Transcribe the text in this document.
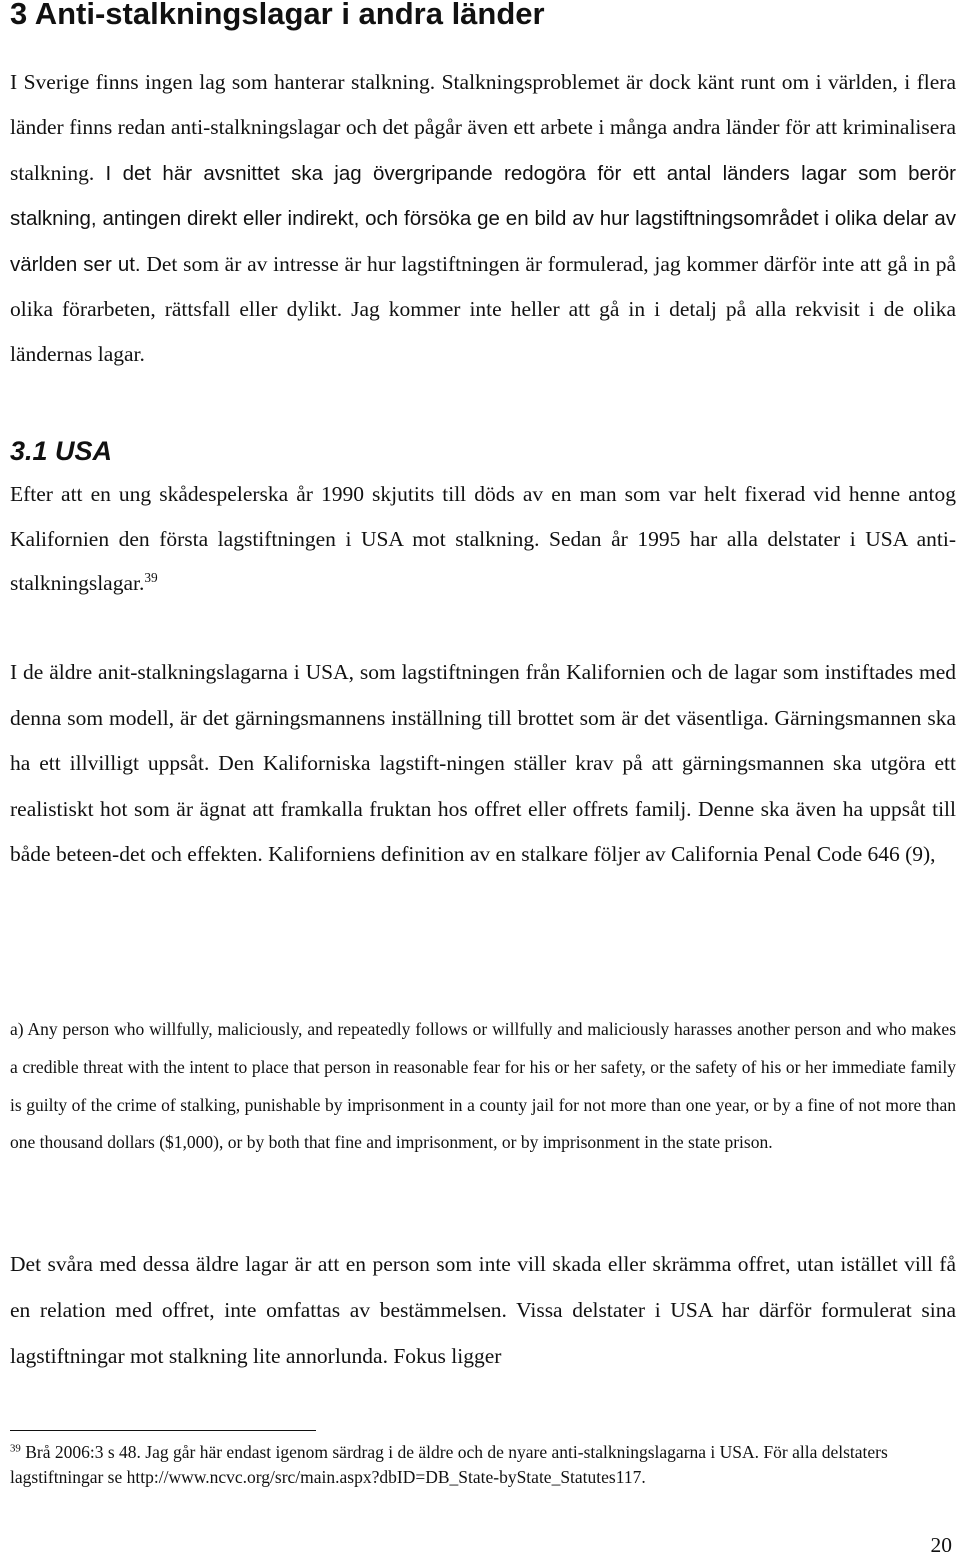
3 Anti-stalkningslagar i andra länder
I Sverige finns ingen lag som hanterar stalkning. Stalkningsproblemet är dock känt runt om i världen, i flera länder finns redan anti-stalkningslagar och det pågår även ett arbete i många andra länder för att kriminalisera stalkning. I det här avsnittet ska jag övergripande redogöra för ett antal länders lagar som berör stalkning, antingen direkt eller indirekt, och försöka ge en bild av hur lagstiftningsområdet i olika delar av världen ser ut. Det som är av intresse är hur lagstiftningen är formulerad, jag kommer därför inte att gå in på olika förarbeten, rättsfall eller dylikt. Jag kommer inte heller att gå in i detalj på alla rekvisit i de olika ländernas lagar.
3.1 USA
Efter att en ung skådespelerska år 1990 skjutits till döds av en man som var helt fixerad vid henne antog Kalifornien den första lagstiftningen i USA mot stalkning. Sedan år 1995 har alla delstater i USA anti-stalkningslagar.$^{39}$
I de äldre anit-stalkningslagarna i USA, som lagstiftningen från Kalifornien och de lagar som instiftades med denna som modell, är det gärningsmannens inställning till brottet som är det väsentliga. Gärningsmannen ska ha ett illvilligt uppsåt. Den Kaliforniska lagstift-ningen ställer krav på att gärningsmannen ska utgöra ett realistiskt hot som är ägnat att framkalla fruktan hos offret eller offrets familj. Denne ska även ha uppsåt till både beteen-det och effekten. Kaliforniens definition av en stalkare följer av California Penal Code 646 (9),
a) Any person who willfully, maliciously, and repeatedly follows or willfully and maliciously harasses another person and who makes a credible threat with the intent to place that person in reasonable fear for his or her safety, or the safety of his or her immediate family is guilty of the crime of stalking, punishable by imprisonment in a county jail for not more than one year, or by a fine of not more than one thousand dollars ($1,000), or by both that fine and imprisonment, or by imprisonment in the state prison.
Det svåra med dessa äldre lagar är att en person som inte vill skada eller skrämma offret, utan istället vill få en relation med offret, inte omfattas av bestämmelsen. Vissa delstater i USA har därför formulerat sina lagstiftningar mot stalkning lite annorlunda. Fokus ligger
$^{39}$ Brå 2006:3 s 48. Jag går här endast igenom särdrag i de äldre och de nyare anti-stalkningslagarna i USA. För alla delstaters lagstiftningar se http://www.ncvc.org/src/main.aspx?dbID=DB_State-byState_Statutes117.
20
